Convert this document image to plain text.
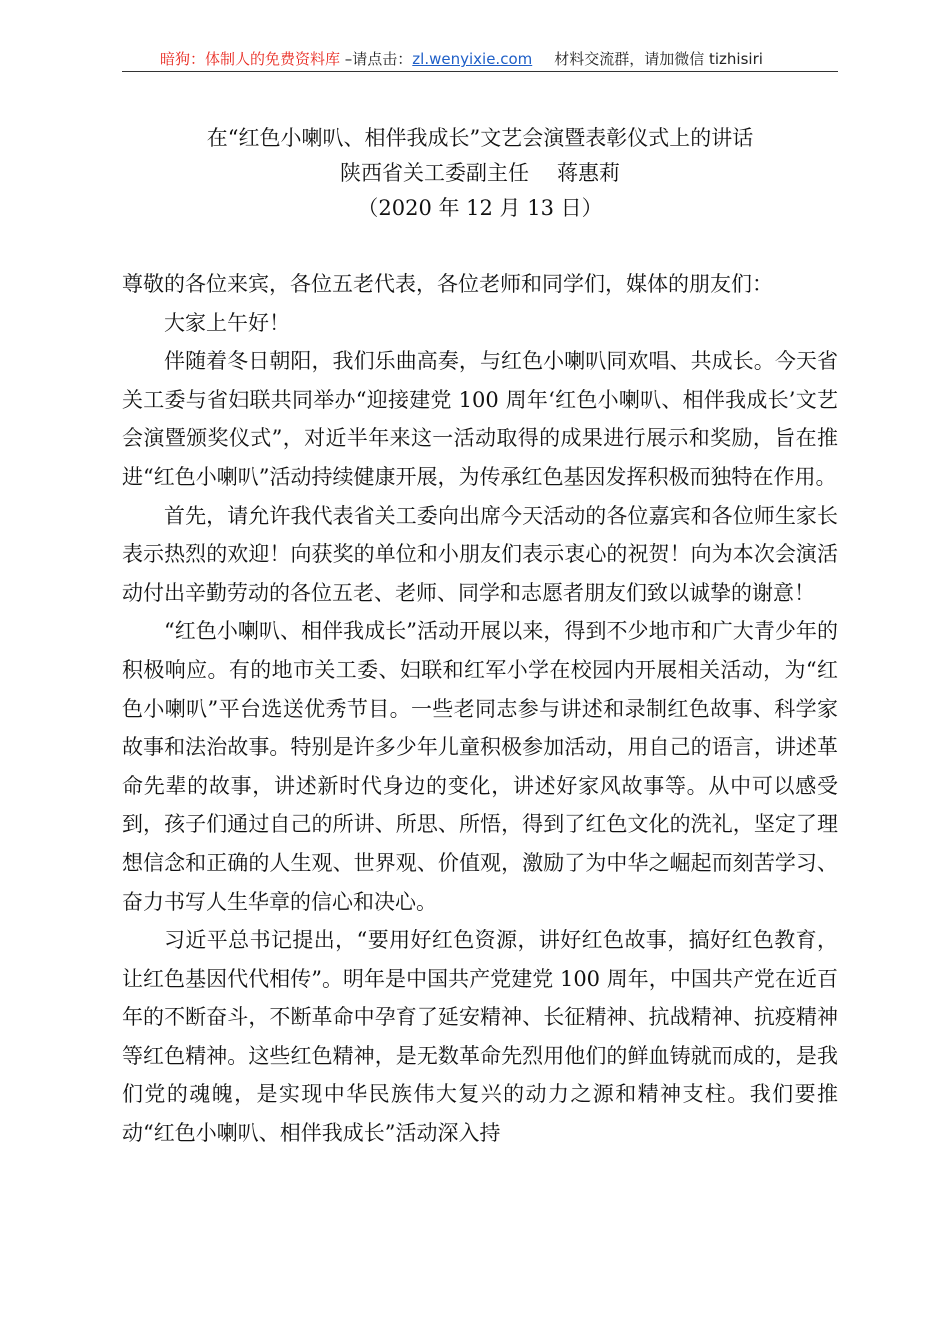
暗狗：体制人的免费资料库 –请点击：zl.wenyixie.com 材料交流群，请加微信 tizhisiri
在“红色小喇叭、相伴我成长”文艺会演暨表彰仪式上的讲话
陕西省关工委副主任 蒋惠莉
（2020 年 12 月 13 日）

尊敬的各位来宾，各位五老代表，各位老师和同学们，媒体的朋友们：

大家上午好！

伴随着冬日朝阳，我们乐曲高奏，与红色小喇叭同欢唱、共成长。今天省关工委与省妇联共同举办“迎接建党 100 周年‘红色小喇叭、相伴我成长’文艺会演暨颁奖仪式”，对近半年来这一活动取得的成果进行展示和奖励，旨在推进“红色小喇叭”活动持续健康开展，为传承红色基因发挥积极而独特在作用。

首先，请允许我代表省关工委向出席今天活动的各位嘉宾和各位师生家长表示热烈的欢迎！向获奖的单位和小朋友们表示衷心的祝贺！向为本次会演活动付出辛勤劳动的各位五老、老师、同学和志愿者朋友们致以诚挚的谢意！

“红色小喇叭、相伴我成长”活动开展以来，得到不少地市和广大青少年的积极响应。有的地市关工委、妇联和红军小学在校园内开展相关活动，为“红色小喇叭”平台选送优秀节目。一些老同志参与讲述和录制红色故事、科学家故事和法治故事。特别是许多少年儿童积极参加活动，用自己的语言，讲述革命先辈的故事，讲述新时代身边的变化，讲述好家风故事等。从中可以感受到，孩子们通过自己的所讲、所思、所悟，得到了红色文化的洗礼，坚定了理想信念和正确的人生观、世界观、价值观，激励了为中华之崛起而刻苦学习、奋力书写人生华章的信心和决心。

习近平总书记提出，“要用好红色资源，讲好红色故事，搞好红色教育，让红色基因代代相传”。明年是中国共产党建党 100 周年，中国共产党在近百年的不断奋斗，不断革命中孕育了延安精神、长征精神、抗战精神、抗疫精神等红色精神。这些红色精神，是无数革命先烈用他们的鲜血铸就而成的，是我们党的魂魄，是实现中华民族伟大复兴的动力之源和精神支柱。我们要推动“红色小喇叭、相伴我成长”活动深入持
